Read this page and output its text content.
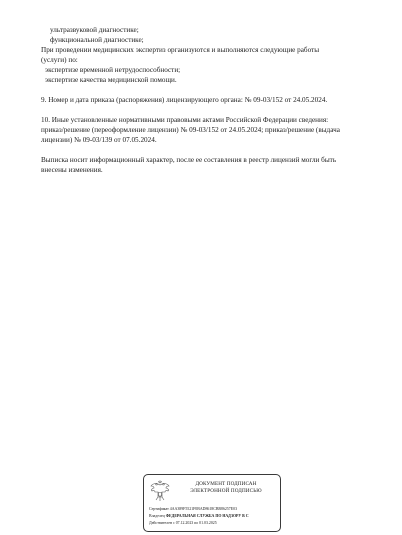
ультразвуковой диагностике;
функциональной диагностике;
При проведении медицинских экспертиз организуются и выполняются следующие работы
(услуги) по:
экспертизе временной нетрудоспособности;
экспертизе качества медицинской помощи.
9. Номер и дата приказа (распоряжения) лицензирующего органа: № 09-03/152 от 24.05.2024.
10. Иные установленные нормативными правовыми актами Российской Федерации сведения:
приказ/решение (переоформление лицензии) № 09-03/152 от 24.05.2024; приказ/решение (выдача
лицензии) № 09-03/139 от 07.05.2024.
Выписка носит информационный характер, после ее составления в реестр лицензий могли быть
внесены изменения.
ДОКУМЕНТ ПОДПИСАН
ЭЛЕКТРОННОЙ ПОДПИСЬЮ
Сертификат 4AA389F5521F0BAD8618CBB86257E03
Владелец ФЕДЕРАЛЬНАЯ СЛУЖБА ПО НАДЗОРУ В С
Действителен с 07.12.2023 по 01.03.2025
